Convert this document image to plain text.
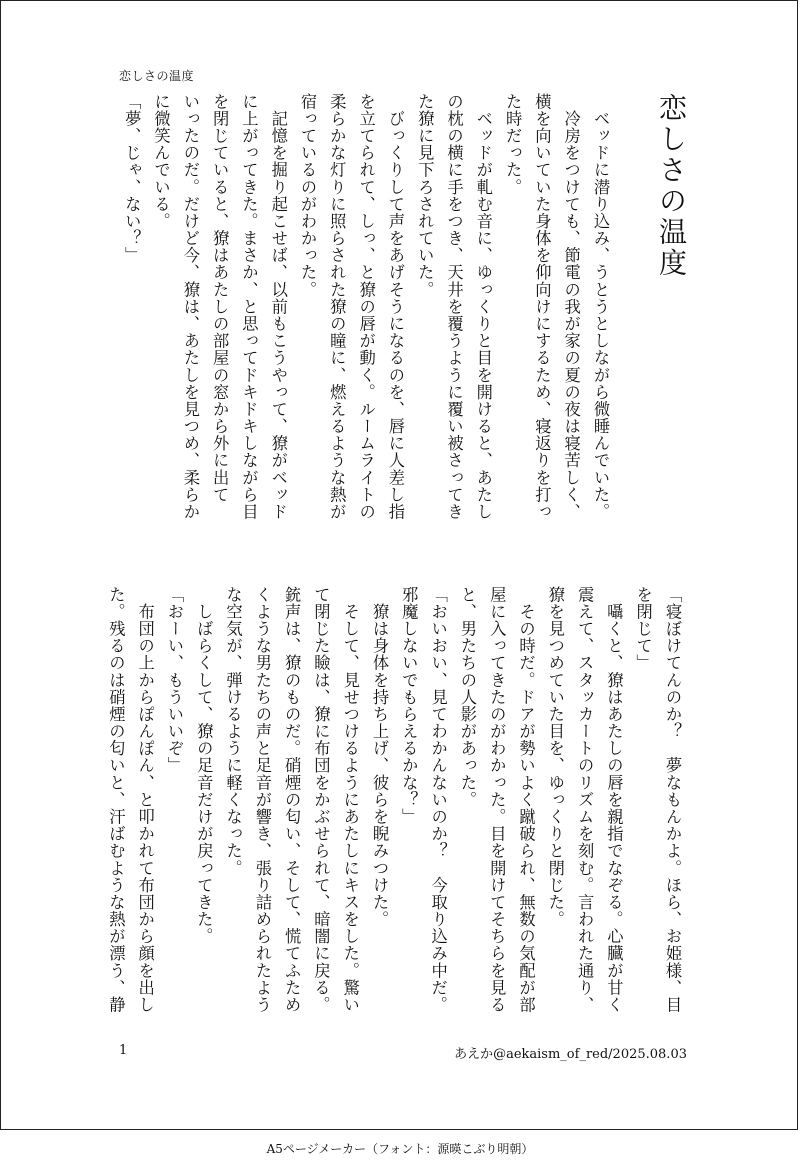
恋しさの温度
恋しさの温度
　ベッドに潜り込み、うとうとしながら微睡んでいた。
　冷房をつけても、節電の我が家の夏の夜は寝苦しく、
横を向いていた身体を仰向けにするため、寝返りを打っ
た時だった。
　ベッドが軋む音に、ゆっくりと目を開けると、あたし
の枕の横に手をつき、天井を覆うように覆い被さってき
た獠に見下ろされていた。
　びっくりして声をあげそうになるのを、唇に人差し指
を立てられて、しっ、と獠の唇が動く。ルームライトの
柔らかな灯りに照らされた獠の瞳に、燃えるような熱が
宿っているのがわかった。
　記憶を掘り起こせば、以前もこうやって、獠がベッド
に上がってきた。まさか、と思ってドキドキしながら目
を閉じていると、獠はあたしの部屋の窓から外に出て
いったのだ。だけど今、獠は、あたしを見つめ、柔らか
に微笑んでいる。
「夢、じゃ、ない？」

「寝ぼけてんのか？　夢なもんかよ。ほら、お姫様、目
を閉じて」
　囁くと、獠はあたしの唇を親指でなぞる。心臓が甘く
震えて、スタッカートのリズムを刻む。言われた通り、
獠を見つめていた目を、ゆっくりと閉じた。
　その時だ。ドアが勢いよく蹴破られ、無数の気配が部
屋に入ってきたのがわかった。目を開けてそちらを見る
と、男たちの人影があった。
「おいおい、見てわかんないのか？　今取り込み中だ。
邪魔しないでもらえるかな？」
　獠は身体を持ち上げ、彼らを睨みつけた。
　そして、見せつけるようにあたしにキスをした。驚い
て閉じた瞼は、獠に布団をかぶせられて、暗闇に戻る。
銃声は、獠のものだ。硝煙の匂い、そして、慌てふため
くような男たちの声と足音が響き、張り詰められたよう
な空気が、弾けるように軽くなった。
　しばらくして、獠の足音だけが戻ってきた。
「おーい、もういいぞ」
　布団の上からぽんぽん、と叩かれて布団から顔を出し
た。残るのは硝煙の匂いと、汗ばむような熱が漂う、静

1	あえか@aekaism_of_red/2025.08.03
A5ページメーカー（フォント：源暎こぶり明朝）
